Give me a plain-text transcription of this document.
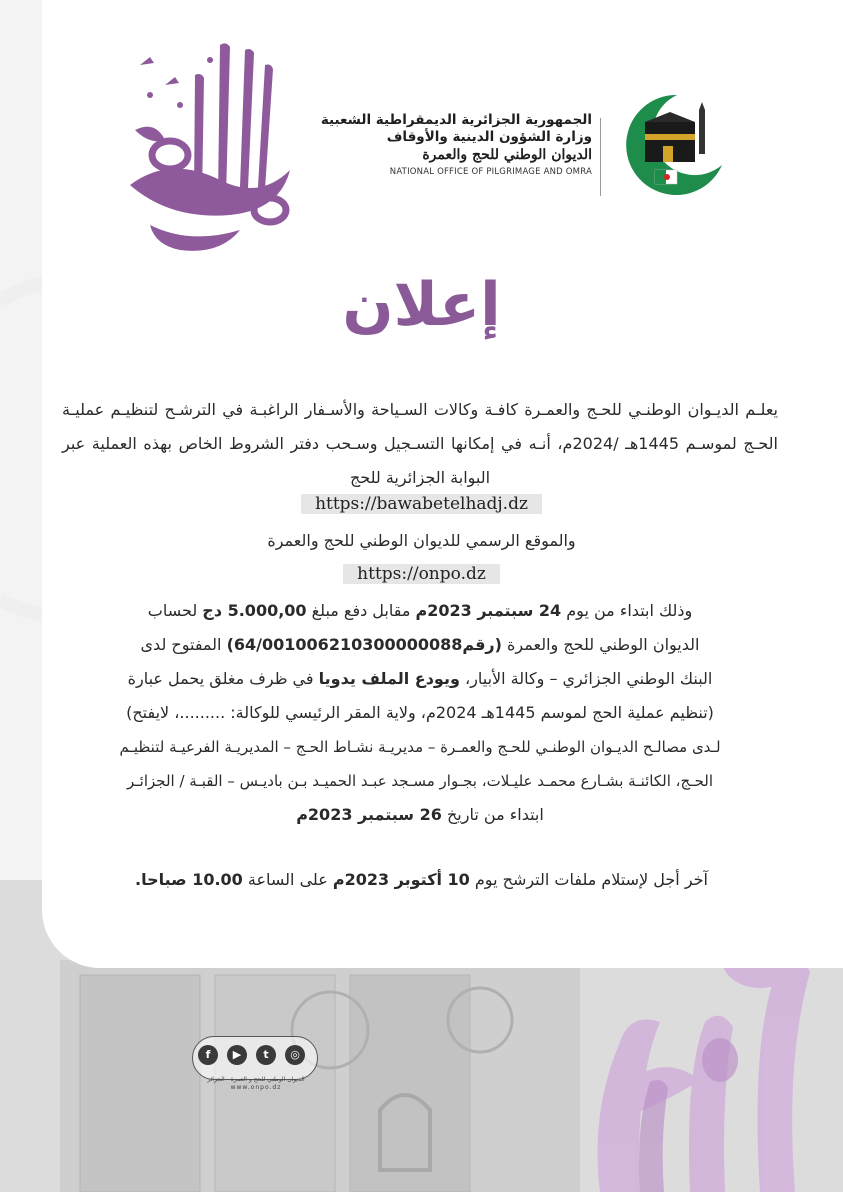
الجمهورية الجزائرية الديمقراطية الشعبية
وزارة الشؤون الدينية والأوقاف
الديوان الوطني للحج والعمرة
NATIONAL OFFICE OF PILGRIMAGE AND OMRA
إعلان
يعلـم الديـوان الوطنـي للحـج والعمـرة كافـة وكالات السـياحة والأسـفار الراغبـة في الترشـح لتنظيـم عمليـة الحـج لموسـم 1445هـ /2024م، أنـه في إمكانها التسـجيل وسـحب دفتر الشروط الخاص بهذه العملية عبر البوابة الجزائرية للحج
https://bawabetelhadj.dz
والموقع الرسمي للديوان الوطني للحج والعمرة
https://onpo.dz
وذلك ابتداء من يوم 24 سبتمبر 2023م مقابل دفع مبلغ 5.000,00 دج لحساب
الديوان الوطني للحج والعمرة (رقم64/001006210300000088) المفتوح لدى
البنك الوطني الجزائري – وكالة الأبيار، ويودع الملف يدويا في ظرف مغلق يحمل عبارة
(تنظيم عملية الحج لموسم 1445هـ 2024م، ولاية المقر الرئيسي للوكالة: .........، لايفتح)
لـدى مصالـح الديـوان الوطنـي للحـج والعمـرة – مديريـة نشـاط الحـج – المديريـة الفرعيـة لتنظيـم
الحـج، الكائنـة بشـارع محمـد عليـلات، بجـوار مسـجد عبـد الحميـد بـن باديـس – القبـة / الجزائـر
ابتداء من تاريخ 26 سبتمبر 2023م
آخر أجل لإستلام ملفات الترشح يوم 10 أكتوبر 2023م على الساعة 10.00 صباحا.
◎
t
▶
f
الديوان الوطني للحج و العمرة - الجزائر
www.onpo.dz
